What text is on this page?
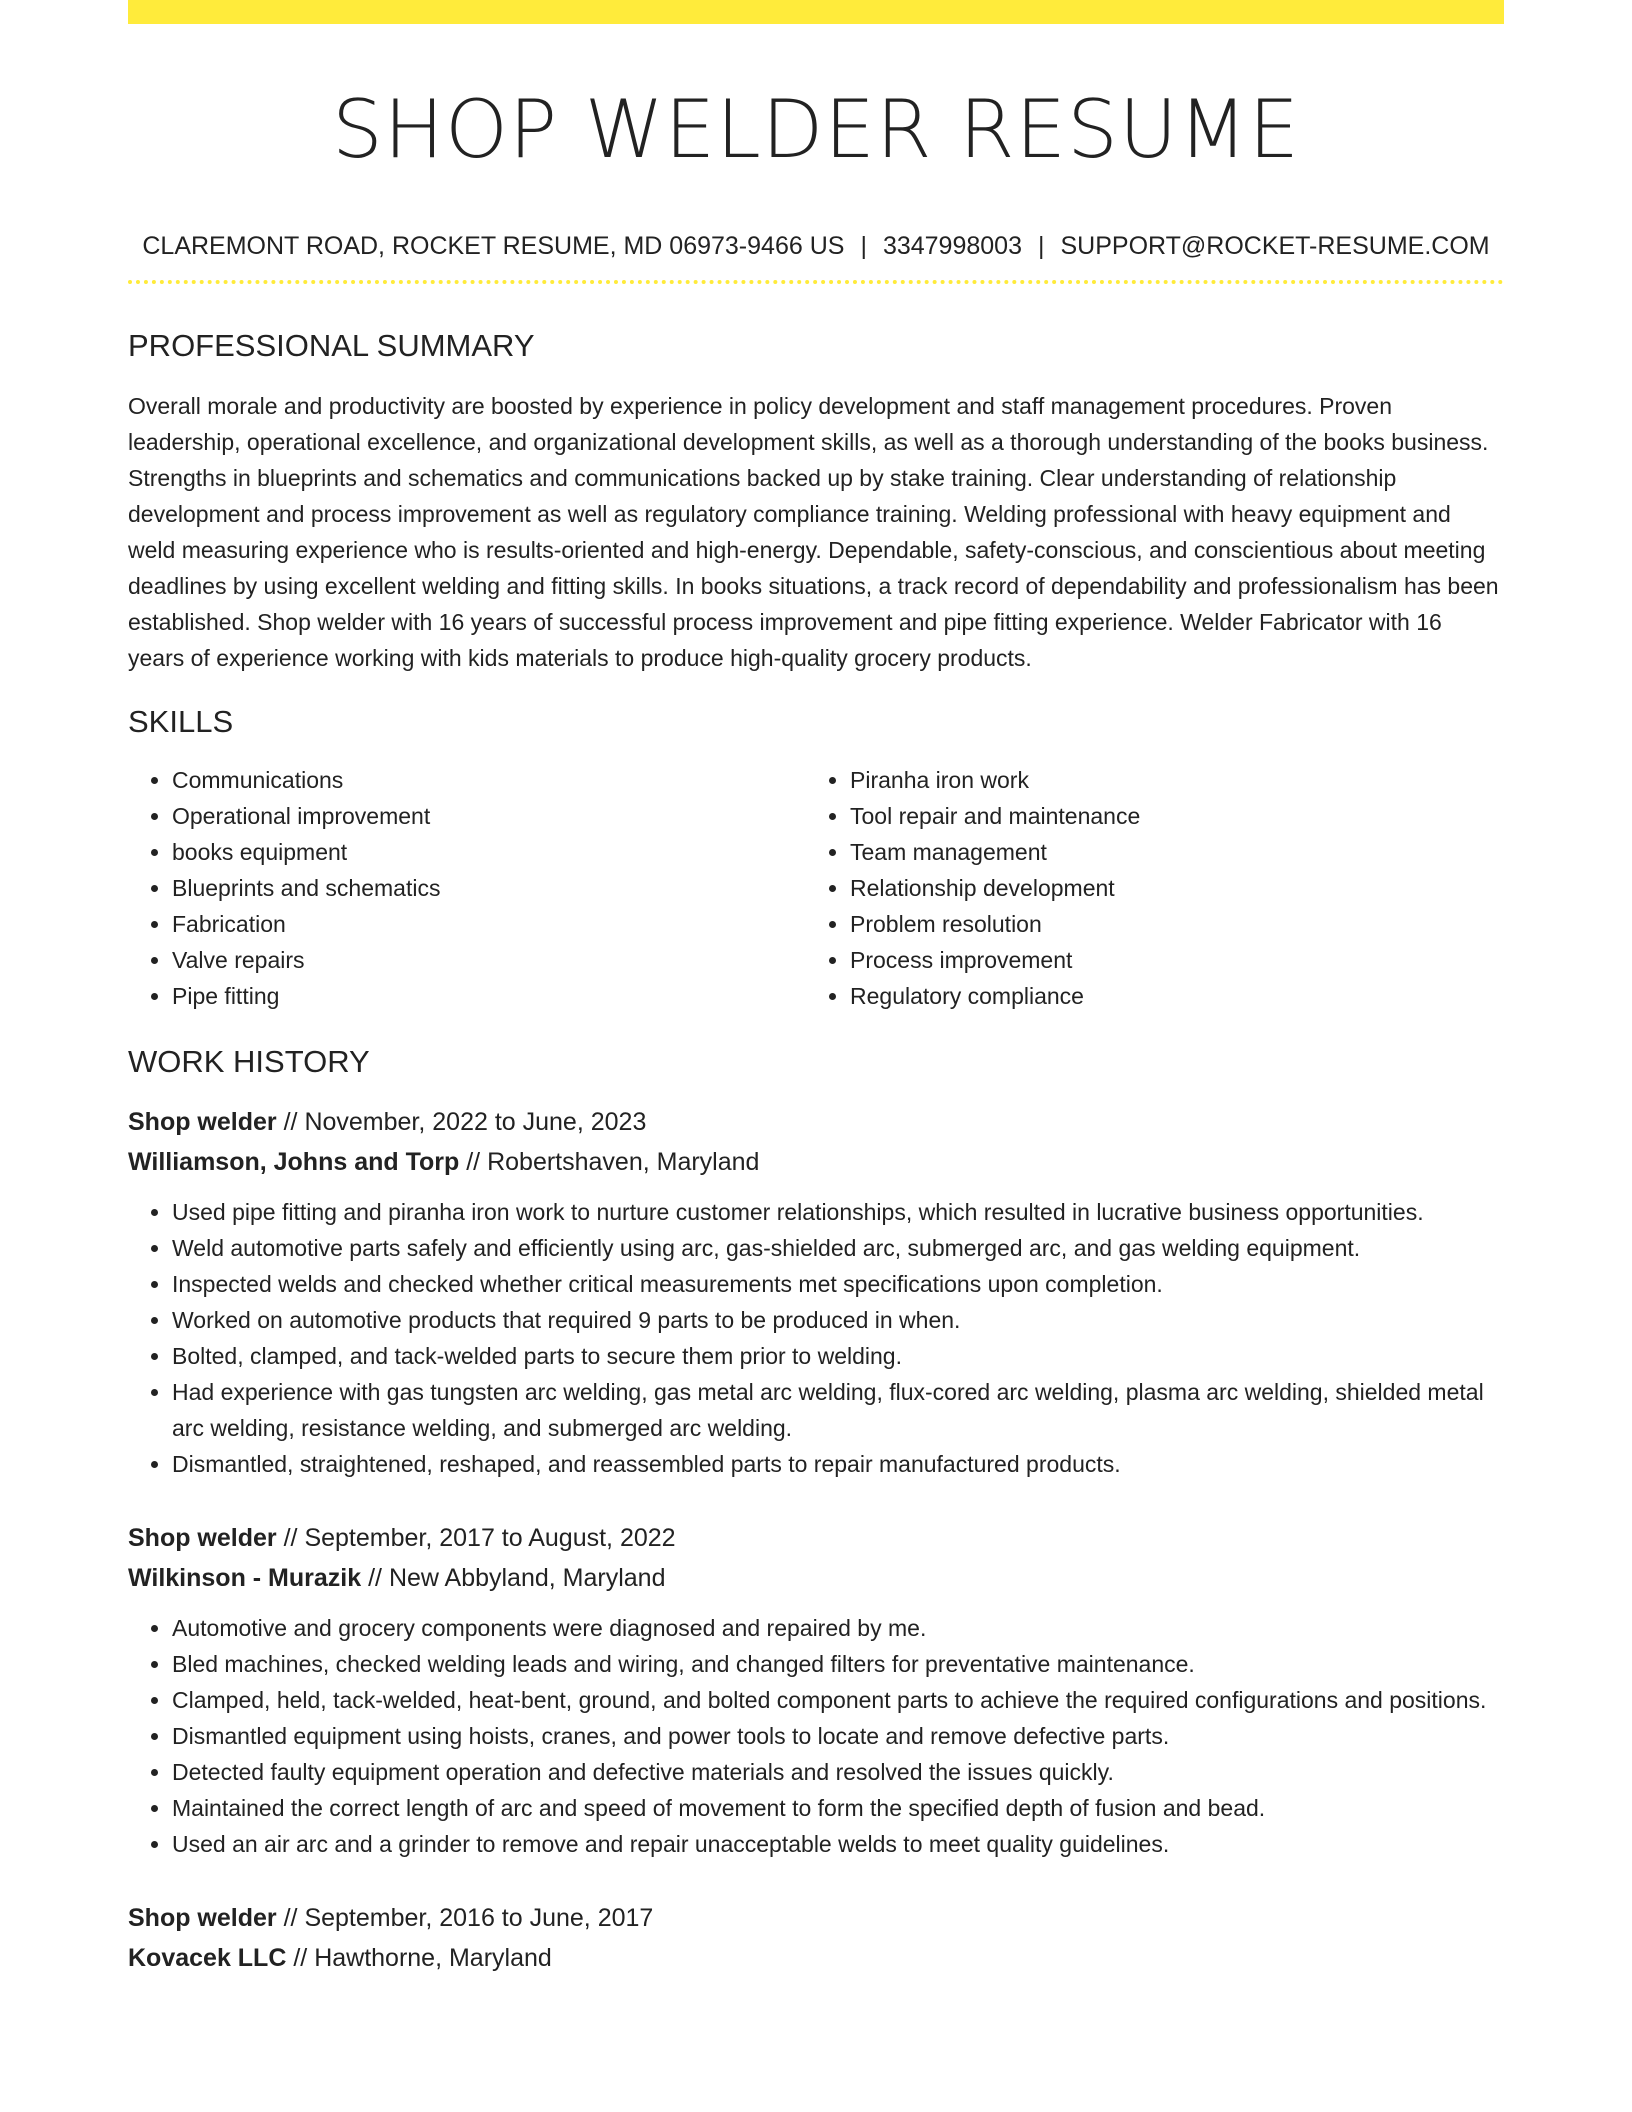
SHOP WELDER RESUME
CLAREMONT ROAD, ROCKET RESUME, MD 06973-9466 US | 3347998003 | SUPPORT@ROCKET-RESUME.COM
PROFESSIONAL SUMMARY

Overall morale and productivity are boosted by experience in policy development and staff management procedures. Proven leadership, operational excellence, and organizational development skills, as well as a thorough understanding of the books business. Strengths in blueprints and schematics and communications backed up by stake training. Clear understanding of relationship development and process improvement as well as regulatory compliance training. Welding professional with heavy equipment and weld measuring experience who is results-oriented and high-energy. Dependable, safety-conscious, and conscientious about meeting deadlines by using excellent welding and fitting skills. In books situations, a track record of dependability and professionalism has been established. Shop welder with 16 years of successful process improvement and pipe fitting experience. Welder Fabricator with 16 years of experience working with kids materials to produce high-quality grocery products.

SKILLS
• Communications
• Operational improvement
• books equipment
• Blueprints and schematics
• Fabrication
• Valve repairs
• Pipe fitting
• Piranha iron work
• Tool repair and maintenance
• Team management
• Relationship development
• Problem resolution
• Process improvement
• Regulatory compliance
WORK HISTORY
Shop welder // November, 2022 to June, 2023
Williamson, Johns and Torp // Robertshaven, Maryland
• Used pipe fitting and piranha iron work to nurture customer relationships, which resulted in lucrative business opportunities.
• Weld automotive parts safely and efficiently using arc, gas-shielded arc, submerged arc, and gas welding equipment.
• Inspected welds and checked whether critical measurements met specifications upon completion.
• Worked on automotive products that required 9 parts to be produced in when.
• Bolted, clamped, and tack-welded parts to secure them prior to welding.
• Had experience with gas tungsten arc welding, gas metal arc welding, flux-cored arc welding, plasma arc welding, shielded metal arc welding, resistance welding, and submerged arc welding.
• Dismantled, straightened, reshaped, and reassembled parts to repair manufactured products.
Shop welder // September, 2017 to August, 2022
Wilkinson - Murazik // New Abbyland, Maryland
• Automotive and grocery components were diagnosed and repaired by me.
• Bled machines, checked welding leads and wiring, and changed filters for preventative maintenance.
• Clamped, held, tack-welded, heat-bent, ground, and bolted component parts to achieve the required configurations and positions.
• Dismantled equipment using hoists, cranes, and power tools to locate and remove defective parts.
• Detected faulty equipment operation and defective materials and resolved the issues quickly.
• Maintained the correct length of arc and speed of movement to form the specified depth of fusion and bead.
• Used an air arc and a grinder to remove and repair unacceptable welds to meet quality guidelines.
Shop welder // September, 2016 to June, 2017
Kovacek LLC // Hawthorne, Maryland
